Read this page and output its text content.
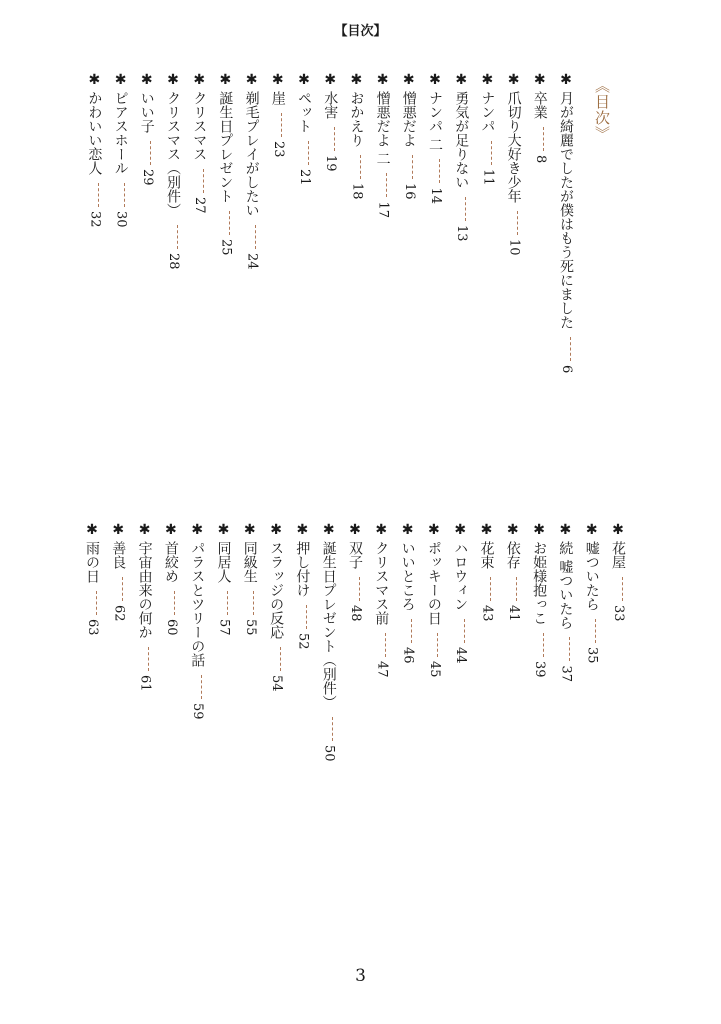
【目次】
《目次》
✱月が綺麗でしたが僕はもう死にました6
✱卒業8
✱爪切り大好き少年10
✱ナンパ11
✱勇気が足りない13
✱ナンパ 二14
✱憎悪だよ16
✱憎悪だよ 二17
✱おかえり18
✱水害19
✱ペット21
✱崖23
✱剃毛プレイがしたい24
✱誕生日プレゼント25
✱クリスマス27
✱クリスマス（別件）28
✱いい子29
✱ピアスホール30
✱かわいい恋人32
✱花屋33
✱嘘ついたら35
✱続 嘘ついたら37
✱お姫様抱っこ39
✱依存41
✱花束43
✱ハロウィン44
✱ポッキーの日45
✱いいところ46
✱クリスマス前47
✱双子48
✱誕生日プレゼント（別件）50
✱押し付け52
✱スラッジの反応54
✱同級生55
✱同居人57
✱パラスとツリーの話59
✱首絞め60
✱宇宙由来の何か61
✱善良62
✱雨の日63
3
